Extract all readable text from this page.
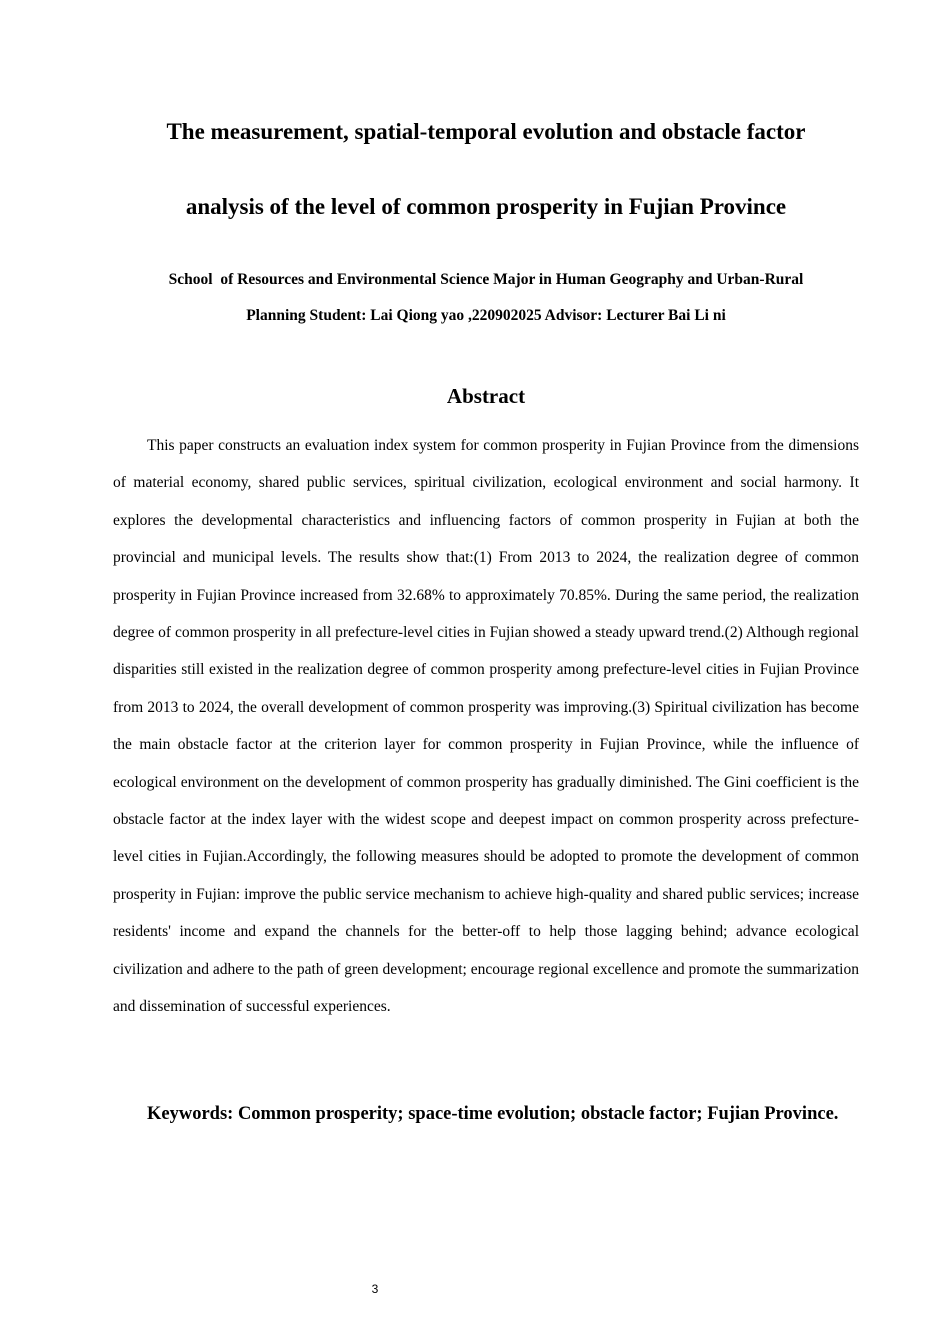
The measurement, spatial-temporal evolution and obstacle factor
analysis of the level of common prosperity in Fujian Province
School  of Resources and Environmental Science Major in Human Geography and Urban-Rural
Planning Student: Lai Qiong yao ,220902025 Advisor: Lecturer Bai Li ni
Abstract

This paper constructs an evaluation index system for common prosperity in Fujian Province from the dimensions of material economy, shared public services, spiritual civilization, ecological environment and social harmony. It explores the developmental characteristics and influencing factors of common prosperity in Fujian at both the provincial and municipal levels. The results show that:(1) From 2013 to 2024, the realization degree of common prosperity in Fujian Province increased from 32.68% to approximately 70.85%. During the same period, the realization degree of common prosperity in all prefecture-level cities in Fujian showed a steady upward trend.(2) Although regional disparities still existed in the realization degree of common prosperity among prefecture-level cities in Fujian Province from 2013 to 2024, the overall development of common prosperity was improving.(3) Spiritual civilization has become the main obstacle factor at the criterion layer for common prosperity in Fujian Province, while the influence of ecological environment on the development of common prosperity has gradually diminished. The Gini coefficient is the obstacle factor at the index layer with the widest scope and deepest impact on common prosperity across prefecture-level cities in Fujian.Accordingly, the following measures should be adopted to promote the development of common prosperity in Fujian: improve the public service mechanism to achieve high-quality and shared public services; increase residents' income and expand the channels for the better-off to help those lagging behind; advance ecological civilization and adhere to the path of green development; encourage regional excellence and promote the summarization and dissemination of successful experiences.

Keywords: Common prosperity; space-time evolution; obstacle factor; Fujian Province.

3
